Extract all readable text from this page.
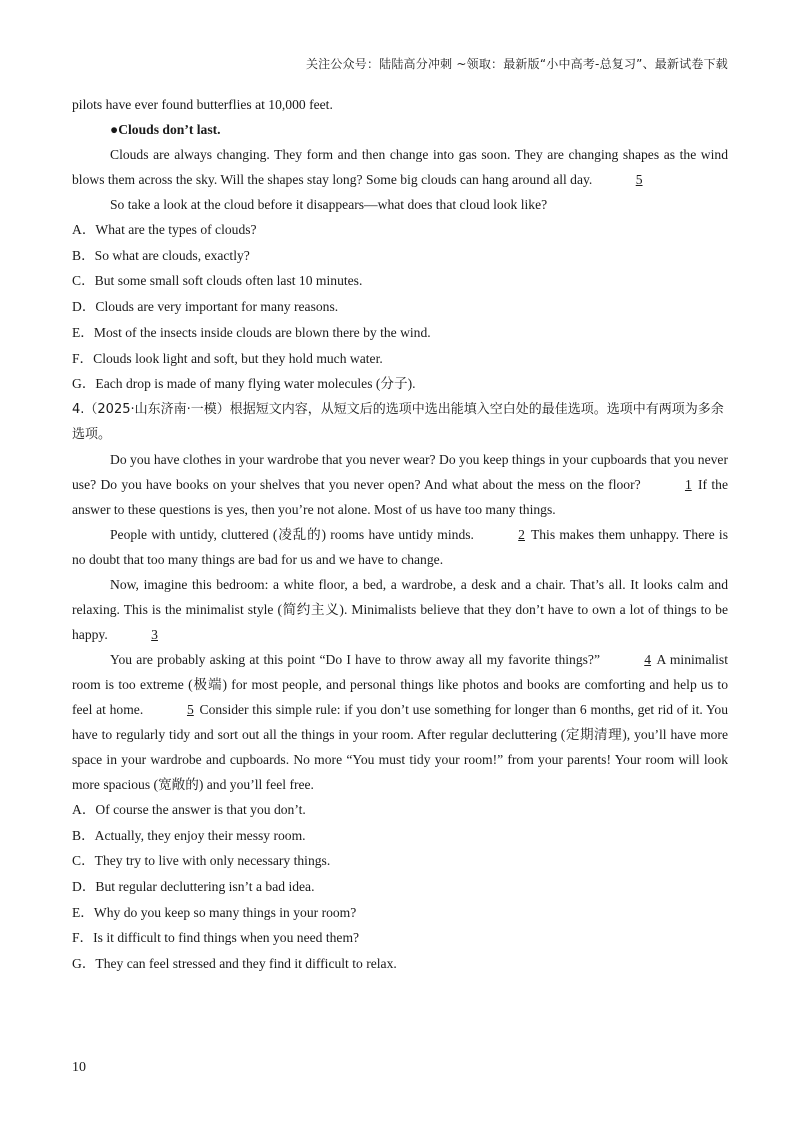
关注公众号：陆陆高分冲刺 ~领取：最新版“小中高考-总复习”、最新试卷下载

pilots have ever found butterflies at 10,000 feet.

●Clouds don’t last.

Clouds are always changing. They form and then change into gas soon. They are changing shapes as the wind blows them across the sky. Will the shapes stay long? Some big clouds can hang around all day.	5

So take a look at the cloud before it disappears—what does that cloud look like?

A．What are the types of clouds?

B．So what are clouds, exactly?

C．But some small soft clouds often last 10 minutes.

D．Clouds are very important for many reasons.

E．Most of the insects inside clouds are blown there by the wind.

F．Clouds look light and soft, but they hold much water.

G．Each drop is made of many flying water molecules (分子).

4.（2025·山东济南·一模）根据短文内容，从短文后的选项中选出能填入空白处的最佳选项。选项中有两项为多余选项。

Do you have clothes in your wardrobe that you never wear? Do you keep things in your cupboards that you never use? Do you have books on your shelves that you never open? And what about the mess on the floor?	1 If the answer to these questions is yes, then you’re not alone. Most of us have too many things.

People with untidy, cluttered (凌乱的) rooms have untidy minds.	2 This makes them unhappy. There is no doubt that too many things are bad for us and we have to change.

Now, imagine this bedroom: a white floor, a bed, a wardrobe, a desk and a chair. That’s all. It looks calm and relaxing. This is the minimalist style (简约主义). Minimalists believe that they don’t have to own a lot of things to be happy.	3

You are probably asking at this point “Do I have to throw away all my favorite things?”	4 A minimalist room is too extreme (极端) for most people, and personal things like photos and books are comforting and help us to feel at home.	5 Consider this simple rule: if you don’t use something for longer than 6 months, get rid of it. You have to regularly tidy and sort out all the things in your room. After regular decluttering (定期清理), you’ll have more space in your wardrobe and cupboards. No more “You must tidy your room!” from your parents! Your room will look more spacious (宽敞的) and you’ll feel free.

A．Of course the answer is that you don’t.

B．Actually, they enjoy their messy room.

C．They try to live with only necessary things.

D．But regular decluttering isn’t a bad idea.

E．Why do you keep so many things in your room?

F．Is it difficult to find things when you need them?

G．They can feel stressed and they find it difficult to relax.

10
